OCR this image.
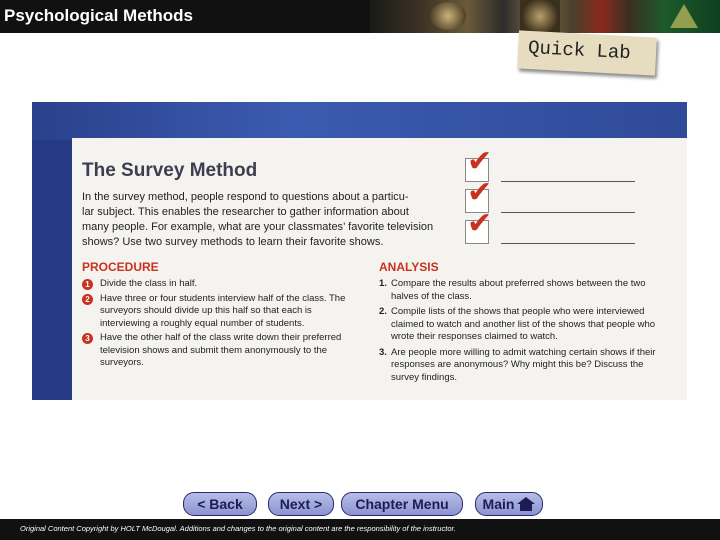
Psychological Methods
The Survey Method
In the survey method, people respond to questions about a particu-
lar subject. This enables the researcher to gather information about
many people. For example, what are your classmates’ favorite television
shows? Use two survey methods to learn their favorite shows.
PROCEDURE
1	Divide the class in half.
2	Have three or four students interview half of the class. The surveyors should divide up this half so that each is interviewing a roughly equal number of students.
3	Have the other half of the class write down their preferred television shows and submit them anonymously to the surveyors.
ANALYSIS
1. Compare the results about preferred shows between the two halves of the class.
2. Compile lists of the shows that people who were interviewed claimed to watch and another list of the shows that people who wrote their responses claimed to watch.
3. Are people more willing to admit watching certain shows if their responses are anonymous? Why might this be? Discuss the survey findings.
✔
✔
✔
Quick Lab
< Back	Next >	Chapter Menu	Main
Original Content Copyright by HOLT McDougal. Additions and changes to the original content are the responsibility of the instructor.
